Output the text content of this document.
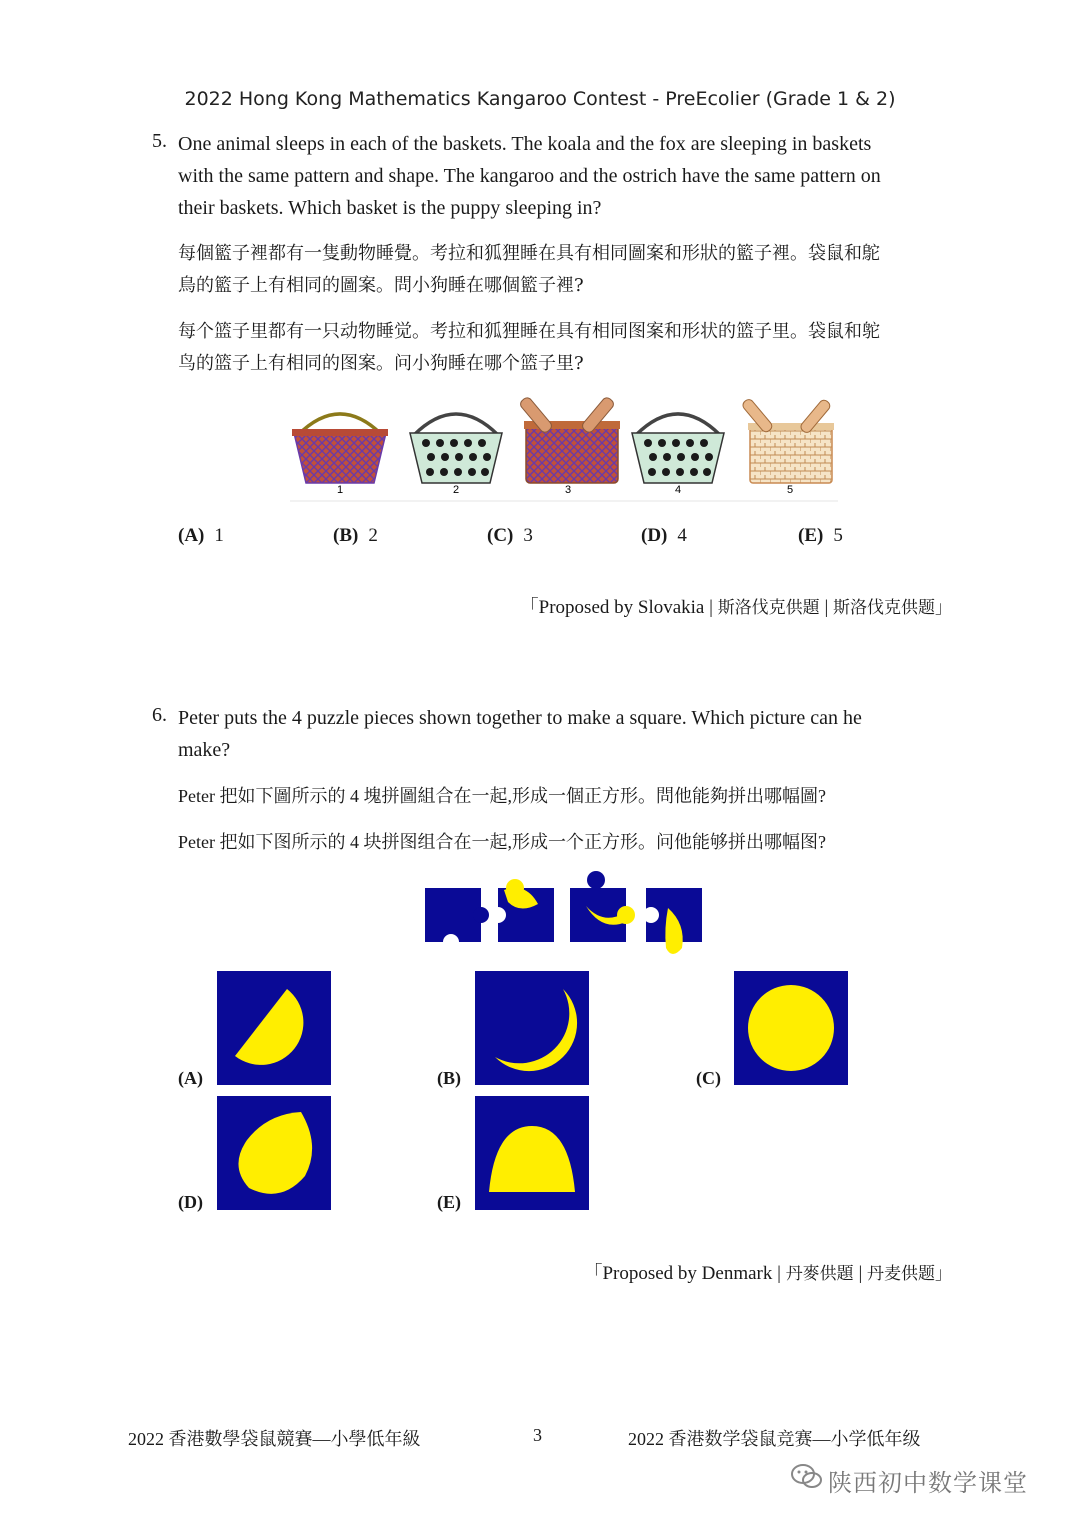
2022 Hong Kong Mathematics Kangaroo Contest - PreEcolier (Grade 1 & 2)
5. One animal sleeps in each of the baskets. The koala and the fox are sleeping in baskets
with the same pattern and shape. The kangaroo and the ostrich have the same pattern on
their baskets. Which basket is the puppy sleeping in?
每個籃子裡都有一隻動物睡覺。考拉和狐狸睡在具有相同圖案和形狀的籃子裡。袋鼠和鴕
鳥的籃子上有相同的圖案。問小狗睡在哪個籃子裡?
每个篮子里都有一只动物睡觉。考拉和狐狸睡在具有相同图案和形状的篮子里。袋鼠和鸵
鸟的篮子上有相同的图案。问小狗睡在哪个篮子里?
1	2	3	4	5
(A) 1	(B) 2	(C) 3	(D) 4	(E) 5
「Proposed by Slovakia | 斯洛伐克供題 | 斯洛伐克供题」
6. Peter puts the 4 puzzle pieces shown together to make a square. Which picture can he
make?
Peter 把如下圖所示的 4 塊拼圖組合在一起,形成一個正方形。問他能夠拼出哪幅圖?
Peter 把如下图所示的 4 块拼图组合在一起,形成一个正方形。问他能够拼出哪幅图?
(A)	(B)	(C)
(D)	(E)
「Proposed by Denmark | 丹麥供題 | 丹麦供题」
2022 香港數學袋鼠競賽—小學低年級	3	2022 香港数学袋鼠竞赛—小学低年级
陕西初中数学课堂
